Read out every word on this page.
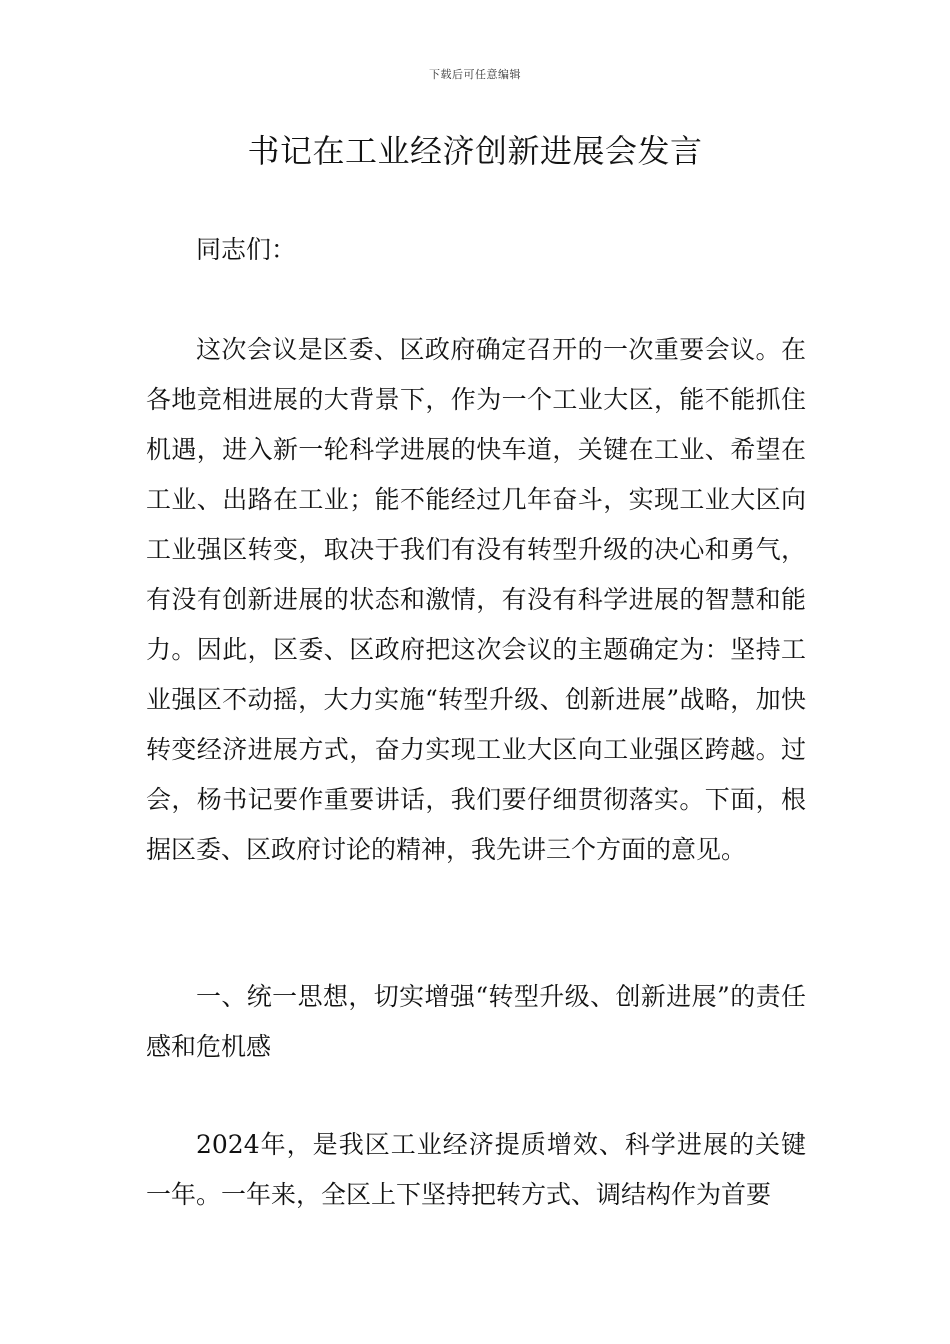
下载后可任意编辑
书记在工业经济创新进展会发言

同志们：

这次会议是区委、区政府确定召开的一次重要会议。在各地竞相进展的大背景下，作为一个工业大区，能不能抓住机遇，进入新一轮科学进展的快车道，关键在工业、希望在工业、出路在工业；能不能经过几年奋斗，实现工业大区向工业强区转变，取决于我们有没有转型升级的决心和勇气，有没有创新进展的状态和激情，有没有科学进展的智慧和能力。因此，区委、区政府把这次会议的主题确定为：坚持工业强区不动摇，大力实施“转型升级、创新进展”战略，加快转变经济进展方式，奋力实现工业大区向工业强区跨越。过会，杨书记要作重要讲话，我们要仔细贯彻落实。下面，根据区委、区政府讨论的精神，我先讲三个方面的意见。

一、统一思想，切实增强“转型升级、创新进展”的责任感和危机感

2024年，是我区工业经济提质增效、科学进展的关键一年。一年来，全区上下坚持把转方式、调结构作为首要
